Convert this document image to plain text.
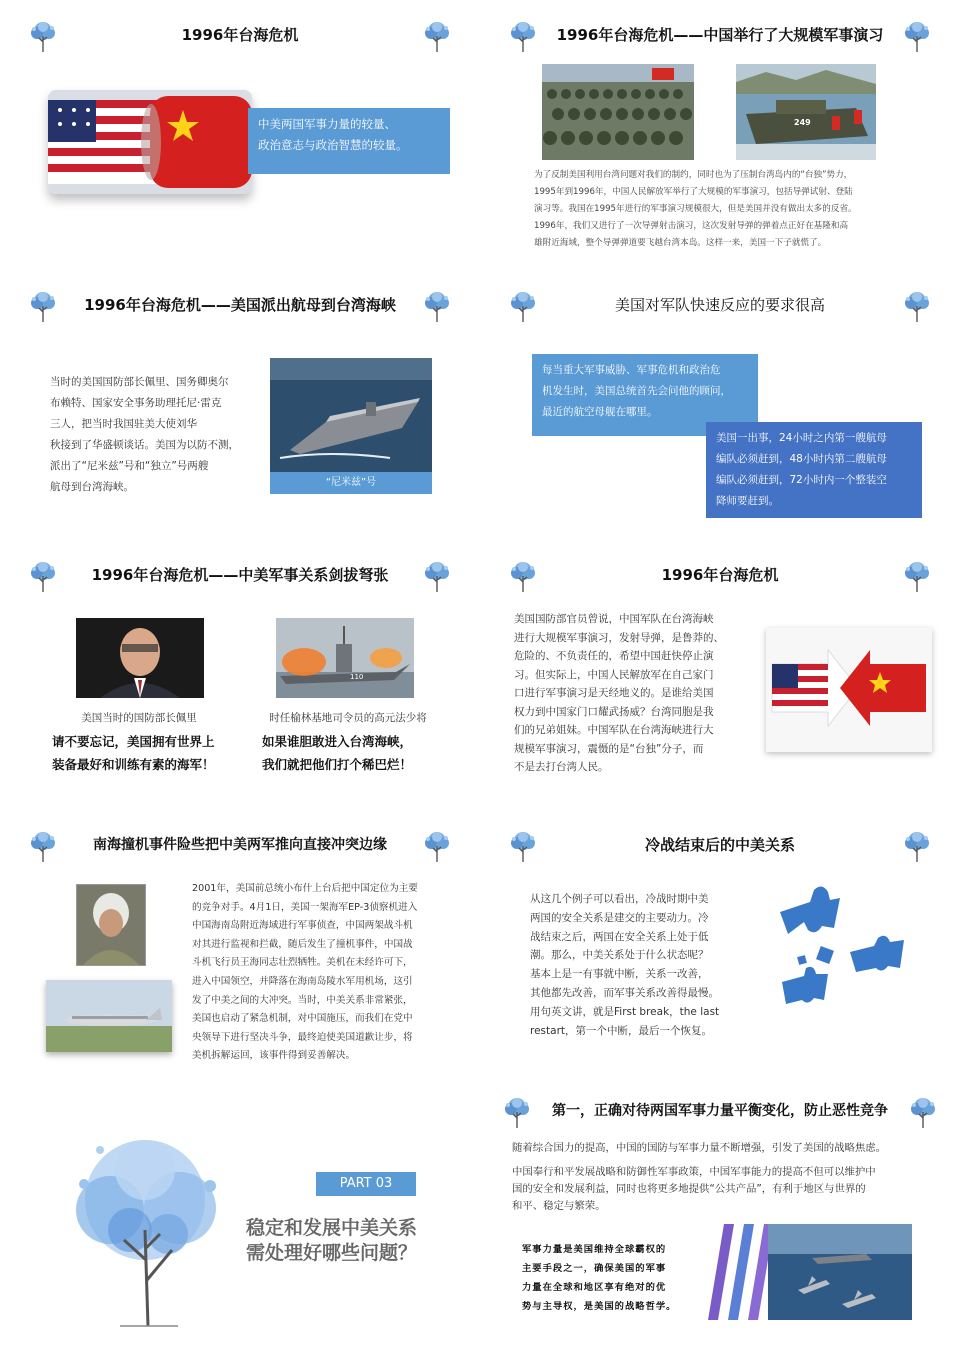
1996年台海危机
中美两国军事力量的较量、
政治意志与政治智慧的较量。
1996年台海危机——中国举行了大规模军事演习
249
为了反制美国利用台湾问题对我们的制约，同时也为了压制台湾岛内的“台独”势力，
1995年到1996年，中国人民解放军举行了大规模的军事演习，包括导弹试射、登陆
演习等。我国在1995年进行的军事演习规模很大，但是美国并没有做出太多的反省。
1996年，我们又进行了一次导弹射击演习，这次发射导弹的弹着点正好在基隆和高
雄附近海域，整个导弹弹道要飞越台湾本岛。这样一来，美国一下子就慌了。
1996年台海危机——美国派出航母到台湾海峡
当时的美国国防部长佩里、国务卿奥尔
布赖特、国家安全事务助理托尼·雷克
三人，把当时我国驻美大使刘华
秋接到了华盛顿谈话。美国为以防不测，
派出了“尼米兹”号和“独立”号两艘
航母到台湾海峡。	“尼米兹”号
美国对军队快速反应的要求很高
每当重大军事威胁、军事危机和政治危
机发生时，美国总统首先会问他的顾问，
最近的航空母舰在哪里。
美国一出事，24小时之内第一艘航母
编队必须赶到，48小时内第二艘航母
编队必须赶到，72小时内一个整装空
降师要赶到。
1996年台海危机——中美军事关系剑拔弩张
110
美国当时的国防部长佩里	时任榆林基地司令员的高元法少将
请不要忘记，美国拥有世界上
装备最好和训练有素的海军！
如果谁胆敢进入台湾海峡，
我们就把他们打个稀巴烂！
1996年台海危机
美国国防部官员曾说，中国军队在台湾海峡
进行大规模军事演习，发射导弹，是鲁莽的、
危险的、不负责任的，希望中国赶快停止演
习。但实际上，中国人民解放军在自己家门
口进行军事演习是天经地义的。是谁给美国
权力到中国家门口耀武扬威？台湾同胞是我
们的兄弟姐妹。中国军队在台湾海峡进行大
规模军事演习，震慑的是“台独”分子，而
不是去打台湾人民。
南海撞机事件险些把中美两军推向直接冲突边缘
2001年，美国前总统小布什上台后把中国定位为主要
的竞争对手。4月1日，美国一架海军EP-3侦察机进入
中国海南岛附近海域进行军事侦查，中国两架战斗机
对其进行监视和拦截，随后发生了撞机事件，中国战
斗机飞行员王海同志壮烈牺牲。美机在未经许可下，
进入中国领空，并降落在海南岛陵水军用机场，这引
发了中美之间的大冲突。当时，中美关系非常紧张，
美国也启动了紧急机制，对中国施压，而我们在党中
央领导下进行坚决斗争，最终迫使美国道歉让步，将
美机拆解运回，该事件得到妥善解决。
冷战结束后的中美关系
从这几个例子可以看出，冷战时期中美
两国的安全关系是建交的主要动力。冷
战结束之后，两国在安全关系上处于低
潮。那么，中美关系处于什么状态呢？
基本上是一有事就中断，关系一改善，
其他都先改善，而军事关系改善得最慢。
用句英文讲，就是First break，the last
restart，第一个中断，最后一个恢复。
PART 03
稳定和发展中美关系
需处理好哪些问题？
第一，正确对待两国军事力量平衡变化，防止恶性竞争
随着综合国力的提高，中国的国防与军事力量不断增强，引发了美国的战略焦虑。
中国奉行和平发展战略和防御性军事政策，中国军事能力的提高不但可以维护中
国的安全和发展利益，同时也将更多地提供“公共产品”，有利于地区与世界的
和平、稳定与繁荣。
军事力量是美国维持全球霸权的
主要手段之一，确保美国的军事
力量在全球和地区享有绝对的优
势与主导权，是美国的战略哲学。
